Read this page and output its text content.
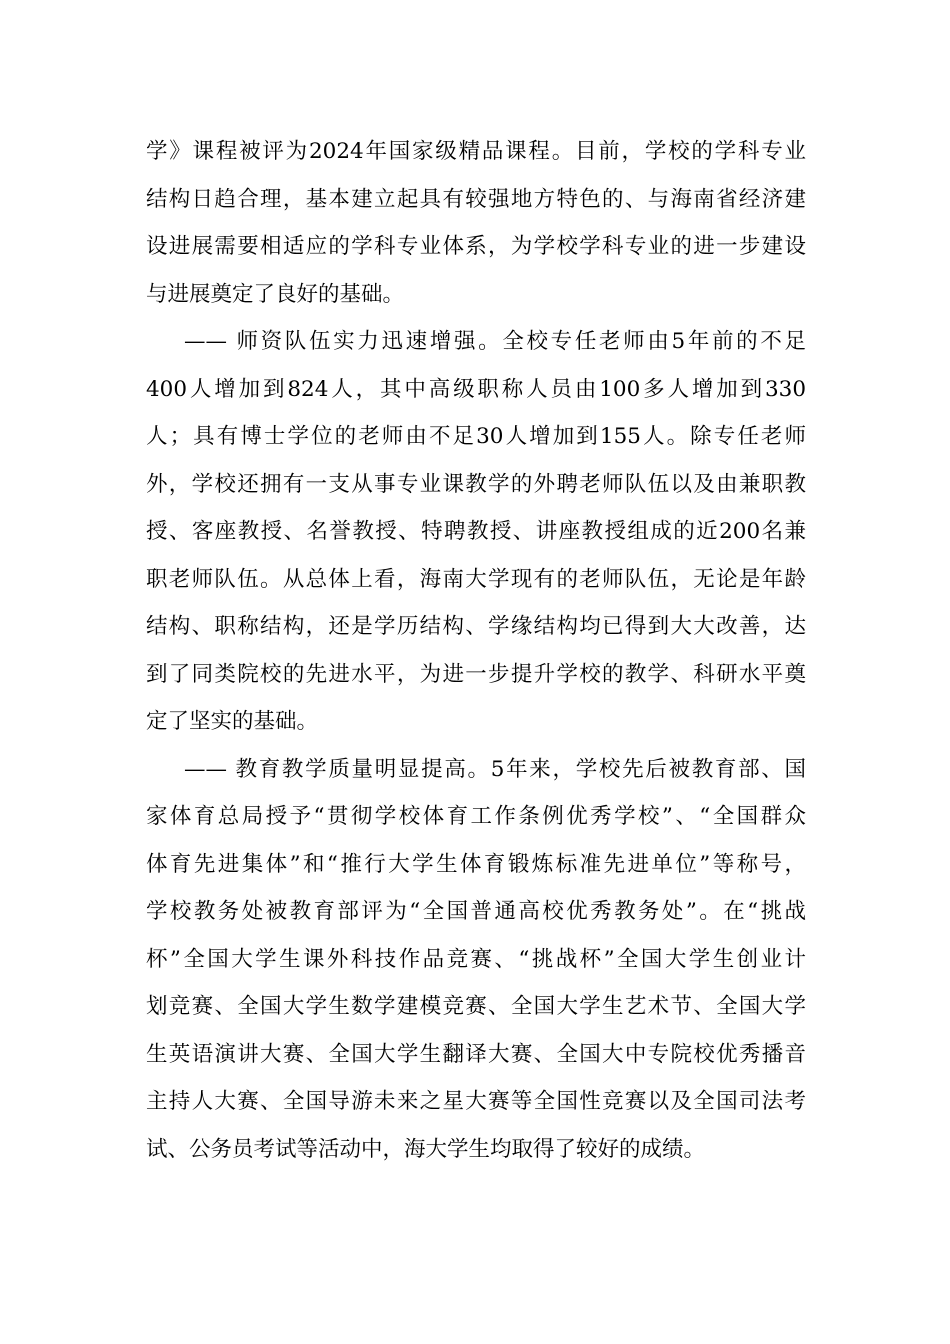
学》课程被评为2024年国家级精品课程。目前，学校的学科专业
结构日趋合理，基本建立起具有较强地方特色的、与海南省经济建
设进展需要相适应的学科专业体系，为学校学科专业的进一步建设
与进展奠定了良好的基础。
—— 师资队伍实力迅速增强。全校专任老师由5年前的不足
400人增加到824人，其中高级职称人员由100多人增加到330
人；具有博士学位的老师由不足30人增加到155人。除专任老师
外，学校还拥有一支从事专业课教学的外聘老师队伍以及由兼职教
授、客座教授、名誉教授、特聘教授、讲座教授组成的近200名兼
职老师队伍。从总体上看，海南大学现有的老师队伍，无论是年龄
结构、职称结构，还是学历结构、学缘结构均已得到大大改善，达
到了同类院校的先进水平，为进一步提升学校的教学、科研水平奠
定了坚实的基础。
—— 教育教学质量明显提高。5年来，学校先后被教育部、国
家体育总局授予“贯彻学校体育工作条例优秀学校”、“全国群众
体育先进集体”和“推行大学生体育锻炼标准先进单位”等称号，
学校教务处被教育部评为“全国普通高校优秀教务处”。在“挑战
杯”全国大学生课外科技作品竞赛、“挑战杯”全国大学生创业计
划竞赛、全国大学生数学建模竞赛、全国大学生艺术节、全国大学
生英语演讲大赛、全国大学生翻译大赛、全国大中专院校优秀播音
主持人大赛、全国导游未来之星大赛等全国性竞赛以及全国司法考
试、公务员考试等活动中，海大学生均取得了较好的成绩。
